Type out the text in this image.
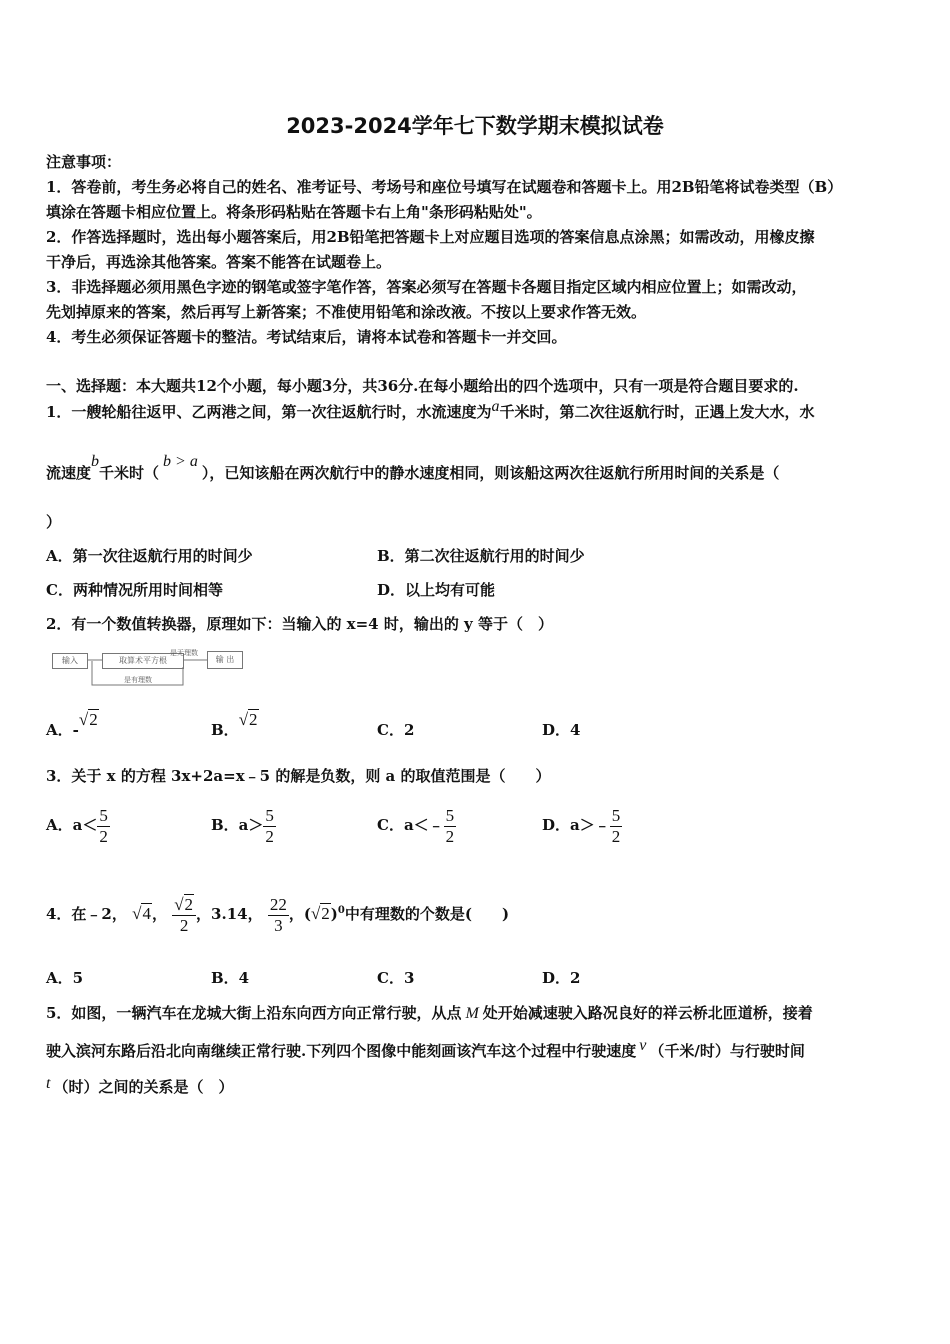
2023-2024学年七下数学期末模拟试卷
注意事项：
1．答卷前，考生务必将自己的姓名、准考证号、考场号和座位号填写在试题卷和答题卡上。用2B铅笔将试卷类型（B）
填涂在答题卡相应位置上。将条形码粘贴在答题卡右上角"条形码粘贴处"。
2．作答选择题时，选出每小题答案后，用2B铅笔把答题卡上对应题目选项的答案信息点涂黑；如需改动，用橡皮擦
干净后，再选涂其他答案。答案不能答在试题卷上。
3．非选择题必须用黑色字迹的钢笔或签字笔作答，答案必须写在答题卡各题目指定区域内相应位置上；如需改动，
先划掉原来的答案，然后再写上新答案；不准使用铅笔和涂改液。不按以上要求作答无效。
4．考生必须保证答题卡的整洁。考试结束后，请将本试卷和答题卡一并交回。
一、选择题：本大题共12个小题，每小题3分，共36分.在每小题给出的四个选项中，只有一项是符合题目要求的.
1．一艘轮船往返甲、乙两港之间，第一次往返航行时，水流速度为a千米时，第二次往返航行时，正遇上发大水，水
流速度b千米时（b > a），已知该船在两次航行中的静水速度相同，则该船这两次往返航行所用时间的关系是（
）
A．第一次往返航行用的时间少	B．第二次往返航行用的时间少
C．两种情况所用时间相等	D．以上均有可能
2．有一个数值转换器，原理如下：当输入的 x=4 时，输出的 y 等于（　）
输入	取算术平方根	输 出
是无理数
是有理数
A．-√2
B．√2
C．2	D．4
3．关于 x 的方程 3x+2a=x﹣5 的解是负数，则 a 的取值范围是（　　）
A．$a< \frac{5}{2}$	B．$a> \frac{5}{2}$	C．a＜﹣ $\frac{5}{2}$	D．a＞﹣ $\frac{5}{2}$
4．在﹣2， √4， $\frac{√2}{2}$ ，3.14， $\frac{22}{3}$ ，$(√2)^0$中有理数的个数是(　　)
A．5	B．4	C．3	D．2
5．如图，一辆汽车在龙城大街上沿东向西方向正常行驶，从点 M 处开始减速驶入路况良好的祥云桥北匝道桥，接着
驶入滨河东路后沿北向南继续正常行驶.下列四个图像中能刻画该汽车这个过程中行驶速度 v （千米/时）与行驶时间
t （时）之间的关系是（　）
